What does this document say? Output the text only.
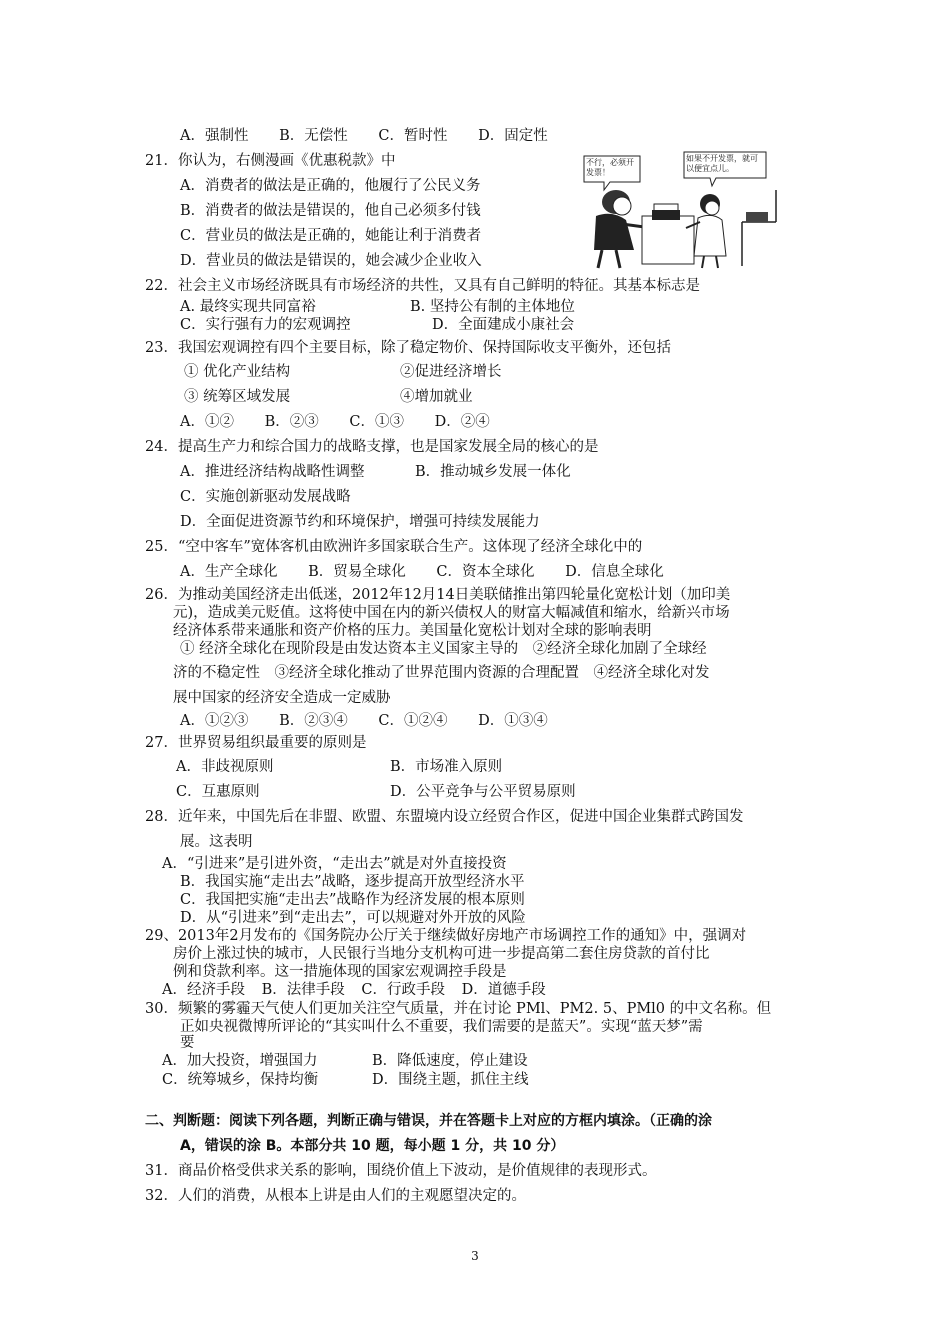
A．强制性 B．无偿性 C．暂时性 D．固定性
21．你认为，右侧漫画《优惠税款》中
A．消费者的做法是正确的，他履行了公民义务
B．消费者的做法是错误的，他自己必须多付钱
C．营业员的做法是正确的，她能让利于消费者
D．营业员的做法是错误的，她会减少企业收入
不行，必须开发票！
如果不开发票，就可以便宜点儿。
22．社会主义市场经济既具有市场经济的共性，又具有自己鲜明的特征。其基本标志是
A. 最终实现共同富裕	B. 坚持公有制的主体地位
C．实行强有力的宏观调控	D．全面建成小康社会
23．我国宏观调控有四个主要目标，除了稳定物价、保持国际收支平衡外，还包括
① 优化产业结构	②促进经济增长
③ 统筹区域发展	④增加就业
A．①② B．②③ C．①③ D．②④
24．提高生产力和综合国力的战略支撑，也是国家发展全局的核心的是
A．推进经济结构战略性调整	B．推动城乡发展一体化
C．实施创新驱动发展战略
D．全面促进资源节约和环境保护，增强可持续发展能力
25．“空中客车”宽体客机由欧洲许多国家联合生产。这体现了经济全球化中的
A．生产全球化 B．贸易全球化 C．资本全球化 D．信息全球化
26．为推动美国经济走出低迷，2012年12月14日美联储推出第四轮量化宽松计划（加印美
元)，造成美元贬值。这将使中国在内的新兴债权人的财富大幅减值和缩水，给新兴市场
经济体系带来通胀和资产价格的压力。美国量化宽松计划对全球的影响表明
① 经济全球化在现阶段是由发达资本主义国家主导的　②经济全球化加剧了全球经
济的不稳定性　③经济全球化推动了世界范围内资源的合理配置　④经济全球化对发
展中国家的经济安全造成一定威胁
A．①②③ B．②③④ C．①②④ D．①③④
27．世界贸易组织最重要的原则是
A．非歧视原则	B．市场准入原则
C．互惠原则	D．公平竞争与公平贸易原则
28．近年来，中国先后在非盟、欧盟、东盟境内设立经贸合作区，促进中国企业集群式跨国发
展。这表明
A．“引进来”是引进外资，“走出去”就是对外直接投资
B．我国实施“走出去”战略，逐步提高开放型经济水平
C．我国把实施“走出去”战略作为经济发展的根本原则
D．从“引进来”到“走出去”，可以规避对外开放的风险
29、2013年2月发布的《国务院办公厅关于继续做好房地产市场调控工作的通知》中，强调对
房价上涨过快的城市，人民银行当地分支机构可进一步提高第二套住房贷款的首付比
例和贷款利率。这一措施体现的国家宏观调控手段是
A．经济手段 B．法律手段 C．行政手段 D．道德手段
30．频繁的雾霾天气使人们更加关注空气质量，并在讨论 PMl、PM2. 5、PMl0 的中文名称。但
正如央视微博所评论的“其实叫什么不重要，我们需要的是蓝天”。实现“蓝天梦”需
要
A．加大投资，增强国力	B．降低速度，停止建设
C．统筹城乡，保持均衡	D．围绕主题，抓住主线
二、判断题：阅读下列各题，判断正确与错误，并在答题卡上对应的方框内填涂。（正确的涂
A，错误的涂 B。本部分共 10 题，每小题 1 分，共 10 分）
31．商品价格受供求关系的影响，围绕价值上下波动，是价值规律的表现形式。
32．人们的消费，从根本上讲是由人们的主观愿望决定的。
3
